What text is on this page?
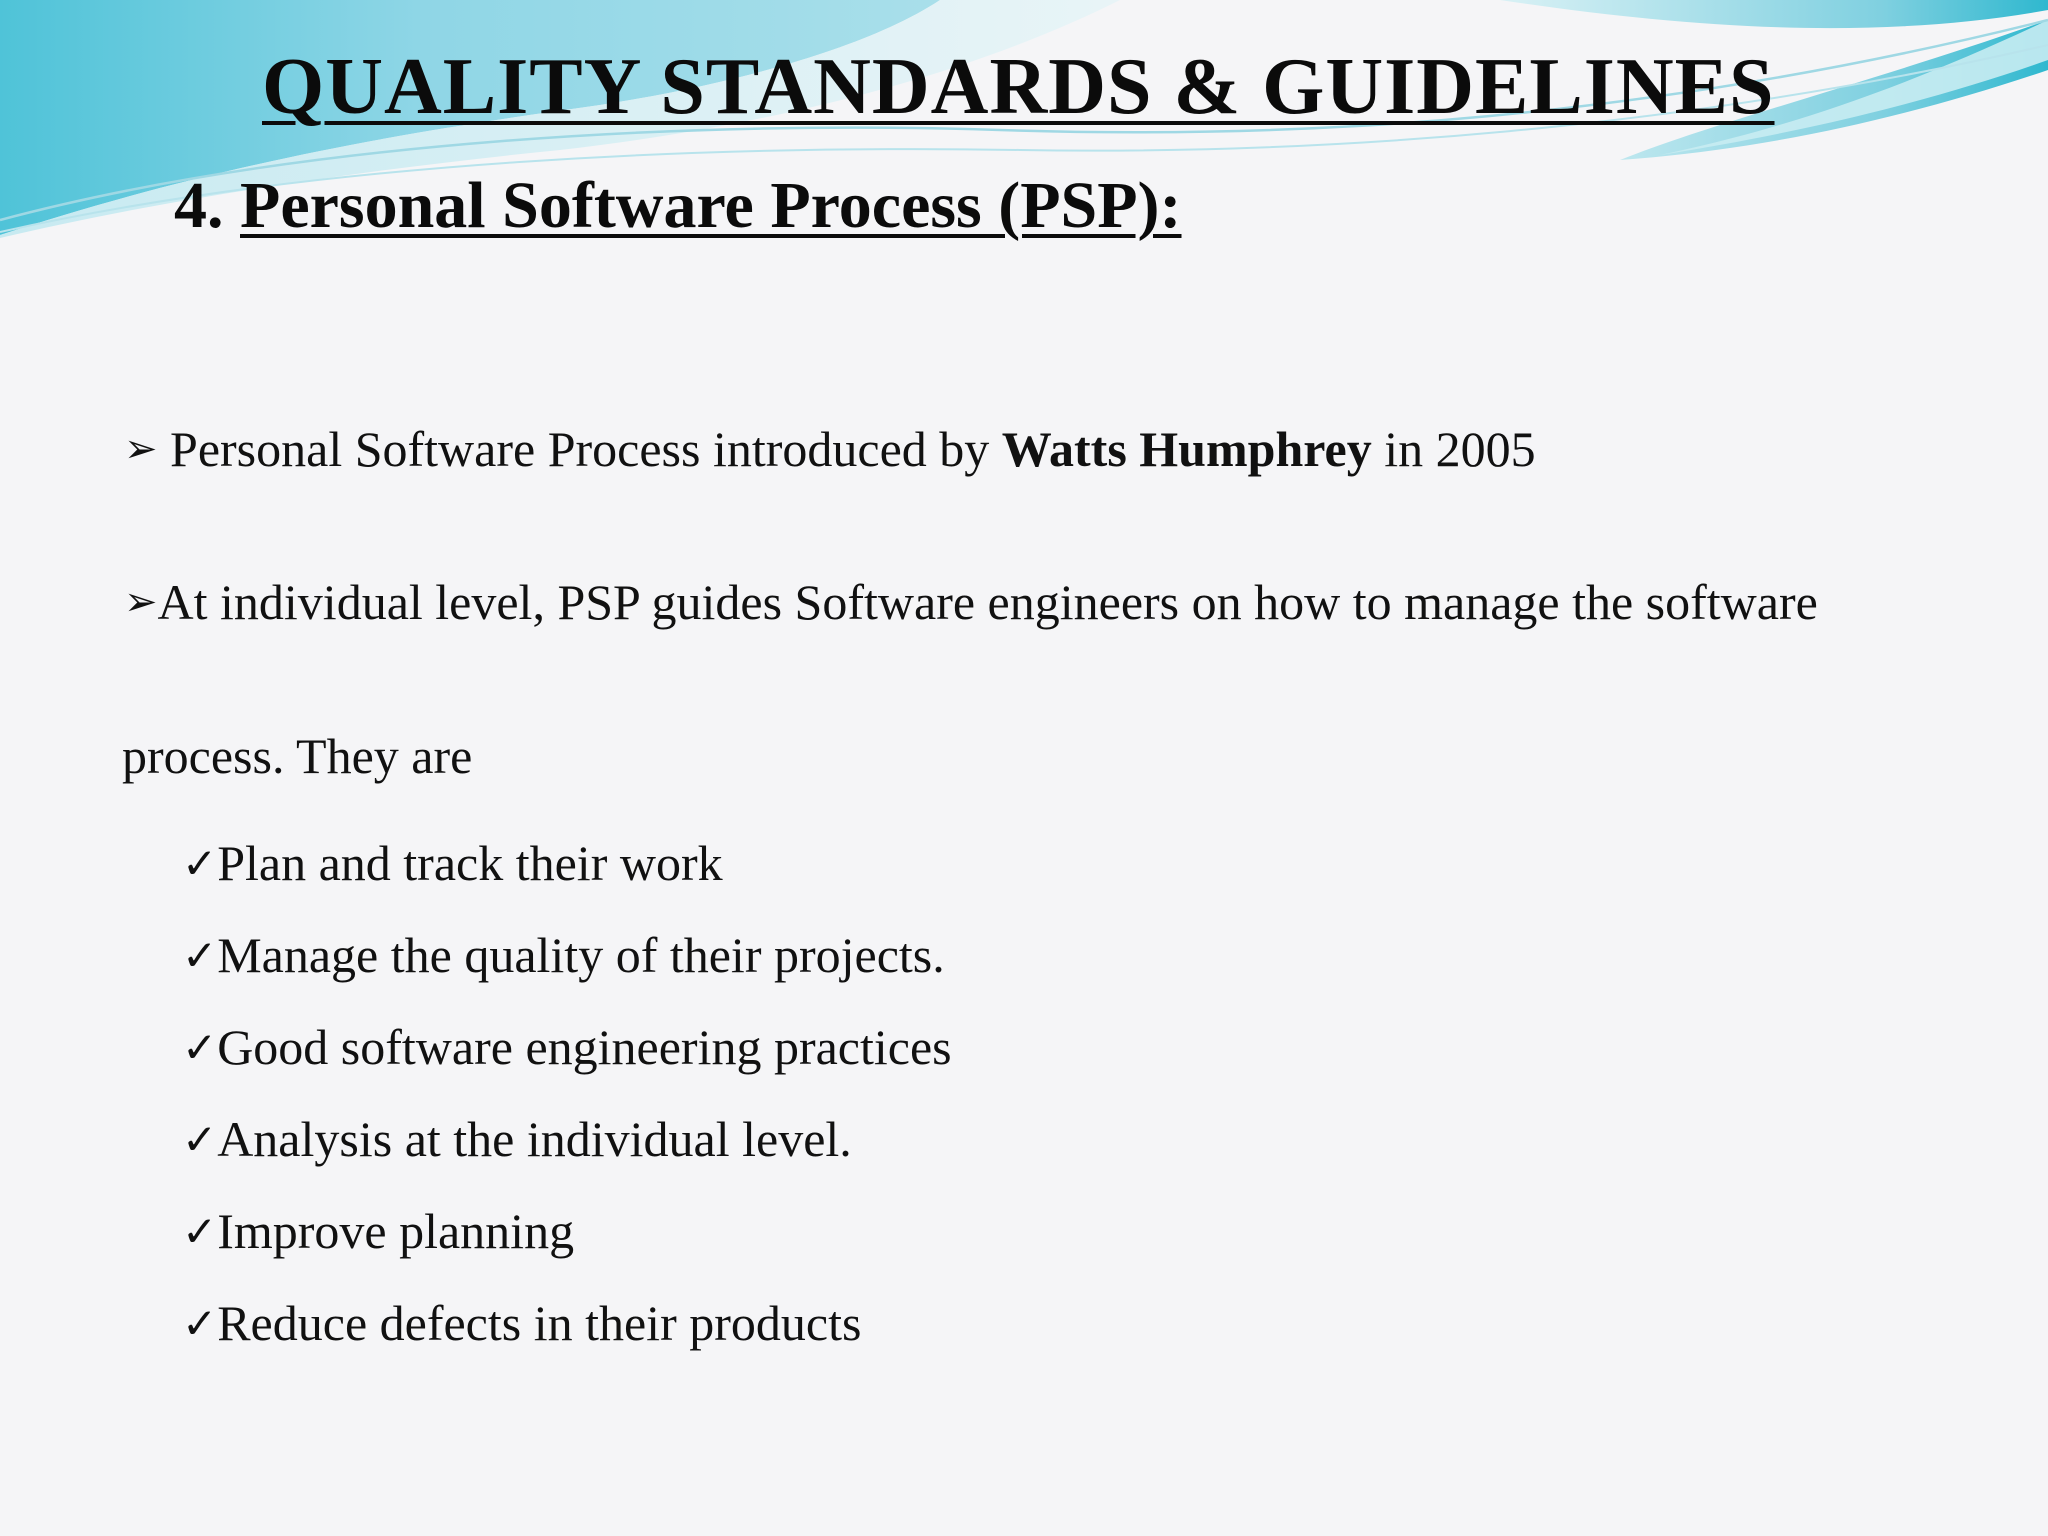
QUALITY STANDARDS & GUIDELINES
4. Personal Software Process (PSP):

➢ Personal Software Process introduced by Watts Humphrey in 2005

➢At individual level, PSP guides Software engineers on how to manage the software

process. They are

✓Plan and track their work

✓Manage the quality of their projects.

✓Good software engineering practices

✓Analysis at the individual level.

✓Improve planning

✓Reduce defects in their products
